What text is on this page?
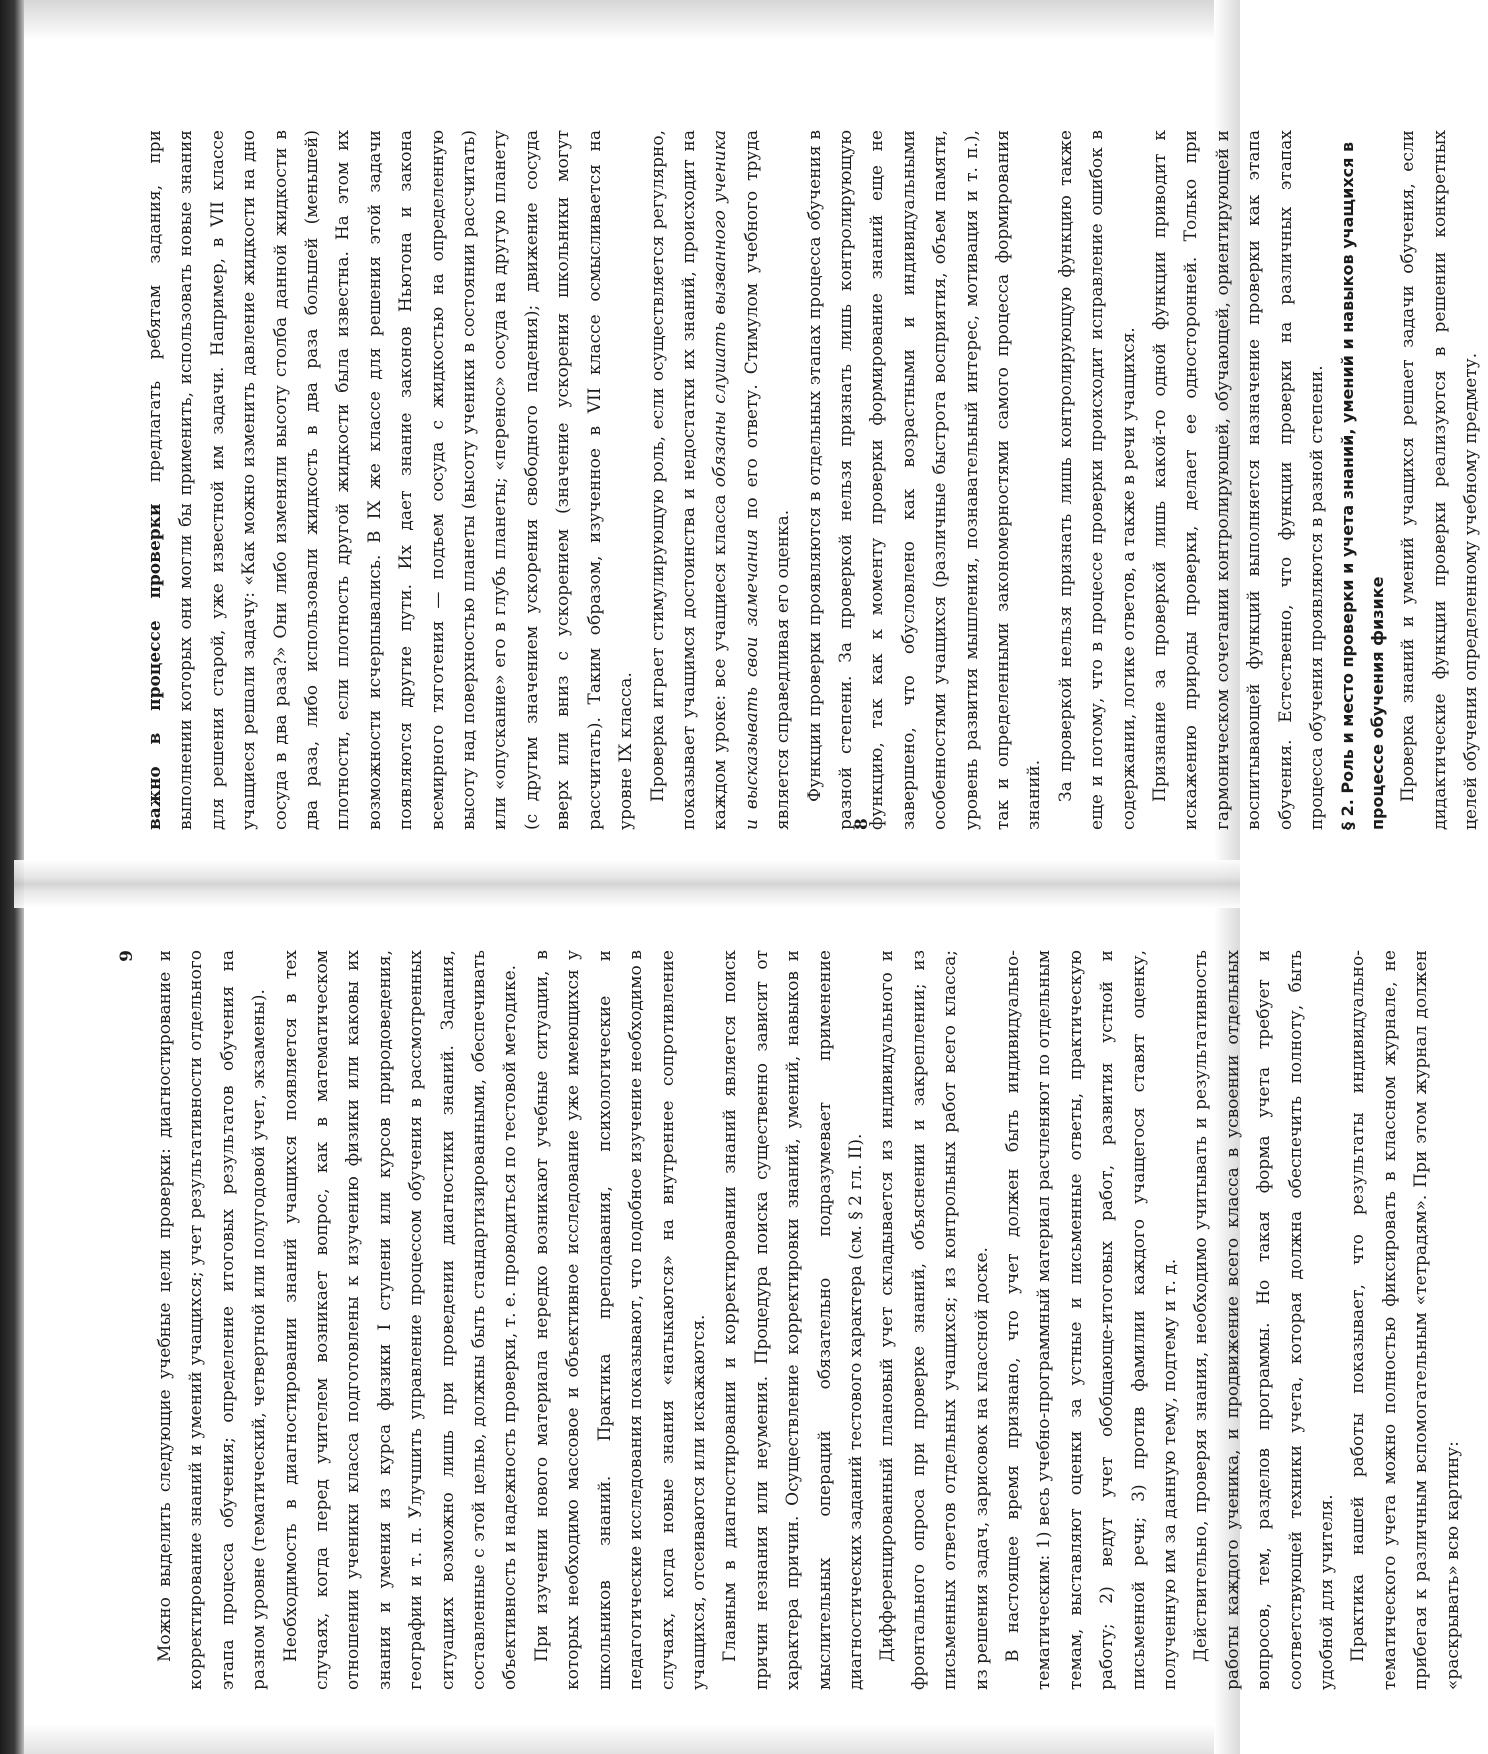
важно в процессе проверки предлагать ребятам задания, при выполнении которых они могли бы применить, использовать новые знания для решения старой, уже известной им задачи. Например, в VII классе учащиеся решали задачу: «Как можно изменить давление жидкости на дно сосуда в два раза?» Они либо изменяли высоту столба данной жидкости в два раза, либо использовали жидкость в два раза большей (меньшей) плотности, если плотность другой жидкости была известна. На этом их возможности исчерпывались. В IX же классе для решения этой задачи появляются другие пути. Их дает знание законов Ньютона и закона всемирного тяготения — подъем сосуда с жидкостью на определенную высоту над поверхностью планеты (высоту ученики в состоянии рассчитать) или «опускание» его в глубь планеты; «перенос» сосуда на другую планету (с другим значением ускорения свободного падения); движение сосуда вверх или вниз с ускорением (значение ускорения школьники могут рассчитать). Таким образом, изученное в VII классе осмысливается на уровне IX класса. Проверка играет стимулирующую роль, если осуществляется регулярно, показывает учащимся достоинства и недостатки их знаний, происходит на каждом уроке: все учащиеся класса обязаны слушать вызванного ученика и высказывать свои замечания по его ответу. Стимулом учебного труда является справедливая его оценка. Функции проверки проявляются в отдельных этапах процесса обучения в разной степени. За проверкой нельзя признать лишь контролирующую функцию, так как к моменту проверки формирование знаний еще не завершено, что обусловлено как возрастными и индивидуальными особенностями учащихся (различные быстрота восприятия, объем памяти, уровень развития мышления, познавательный интерес, мотивация и т. п.), так и определенными закономерностями самого процесса формирования знаний. За проверкой нельзя признать лишь контролирующую функцию также еще и потому, что в процессе проверки происходит исправление ошибок в содержании, логике ответов, а также в речи учащихся. Признание за проверкой лишь какой-то одной функции приводит к искажению природы проверки, делает ее односторонней. Только при гармоническом сочетании контролирующей, обучающей, ориентирующей и воспитывающей функций выполняется назначение проверки как этапа обучения. Естественно, что функции проверки на различных этапах процесса обучения проявляются в разной степени. § 2. Роль и место проверки и учета знаний, умений и навыков учащихся в процессе обучения физике Проверка знаний и умений учащихся решает задачи обучения, если дидактические функции проверки реализуются в решении конкретных целей обучения определенному учебному предмету.

8

Можно выделить следующие учебные цели проверки: диагностирование и корректирование знаний и умений учащихся; учет результативности отдельного этапа процесса обучения; определение итоговых результатов обучения на разном уровне (тематический, четвертной или полугодовой учет, экзамены). Необходимость в диагностировании знаний учащихся появляется в тех случаях, когда перед учителем возникает вопрос, как в математическом отношении ученики класса подготовлены к изучению физики или каковы их знания и умения из курса физики I ступени или курсов природоведения, географии и т. п. Улучшить управление процессом обучения в рассмотренных ситуациях возможно лишь при проведении диагностики знаний. Задания, составленные с этой целью, должны быть стандартизированными, обеспечивать объективность и надежность проверки, т. е. проводиться по тестовой методике. При изучении нового материала нередко возникают учебные ситуации, в которых необходимо массовое и объективное исследование уже имеющихся у школьников знаний. Практика преподавания, психологические и педагогические исследования показывают, что подобное изучение необходимо в случаях, когда новые знания «натыкаются» на внутреннее сопротивление учащихся, отсеиваются или искажаются. Главным в диагностировании и корректировании знаний является поиск причин незнания или неумения. Процедура поиска существенно зависит от характера причин. Осуществление корректировки знаний, умений, навыков и мыслительных операций обязательно подразумевает применение диагностических заданий тестового характера (см. § 2 гл. II). Дифференцированный плановый учет складывается из индивидуального и фронтального опроса при проверке знаний, объяснении и закреплении; из письменных ответов отдельных учащихся; из контрольных работ всего класса; из решения задач, зарисовок на классной доске. В настоящее время признано, что учет должен быть индивидуально-тематическим: 1) весь учебно-программный материал расчленяют по отдельным темам, выставляют оценки за устные и письменные ответы, практическую работу; 2) ведут учет обобщающе-итоговых работ, развития устной и письменной речи; 3) против фамилии каждого учащегося ставят оценку, полученную им за данную тему, подтему и т. д. Действительно, проверяя знания, необходимо учитывать и результативность работы каждого ученика, и продвижение всего класса в усвоении отдельных вопросов, тем, разделов программы. Но такая форма учета требует и соответствующей техники учета, которая должна обеспечить полноту, быть удобной для учителя. Практика нашей работы показывает, что результаты индивидуально-тематического учета можно полностью фиксировать в классном журнале, не прибегая к различным вспомогательным «тетрадям». При этом журнал должен «раскрывать» всю картину:

9
